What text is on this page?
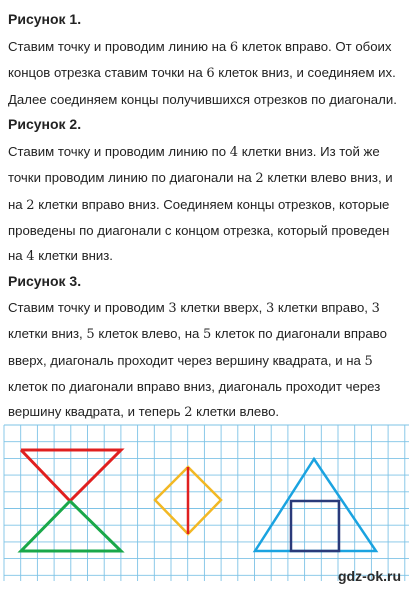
Рисунок 1.

Ставим точку и проводим линию на 6 клеток вправо. От обоих концов отрезка ставим точки на 6 клеток вниз, и соединяем их. Далее соединяем концы получившихся отрезков по диагонали.

Рисунок 2.

Ставим точку и проводим линию по 4 клетки вниз. Из той же точки проводим линию по диагонали на 2 клетки влево вниз, и на 2 клетки вправо вниз. Соединяем концы отрезков, которые проведены по диагонали с концом отрезка, который проведен на 4 клетки вниз.

Рисунок 3.

Ставим точку и проводим 3 клетки вверх, 3 клетки вправо, 3 клетки вниз, 5 клеток влево, на 5 клеток по диагонали вправо вверх, диагональ проходит через вершину квадрата, и на 5 клеток по диагонали вправо вниз, диагональ проходит через вершину квадрата, и теперь 2 клетки влево.

gdz-ok.ru
